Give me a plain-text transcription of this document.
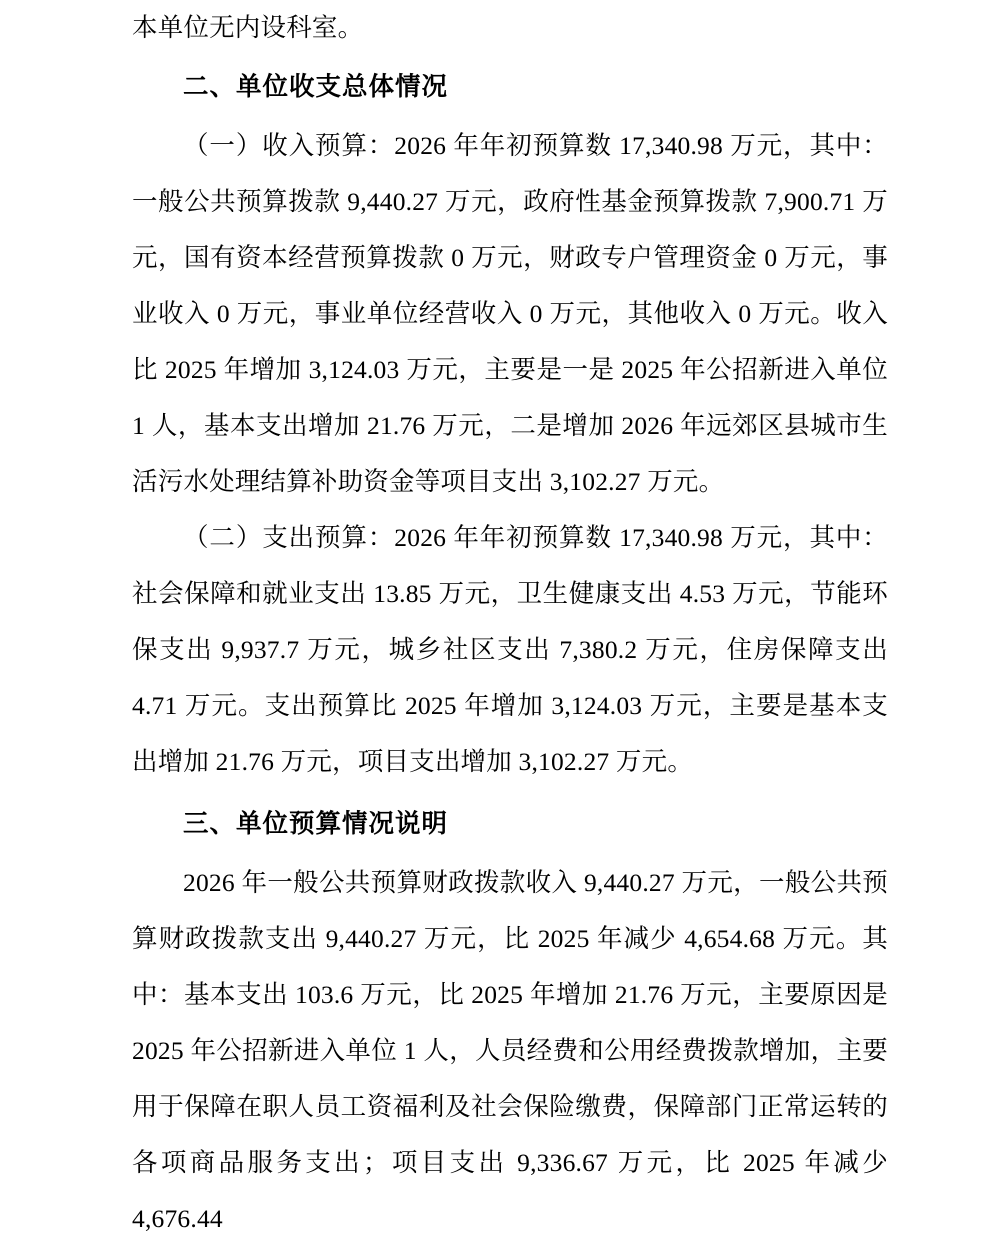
本单位无内设科室。

二、单位收支总体情况

（一）收入预算：2026 年年初预算数 17,340.98 万元，其中：一般公共预算拨款 9,440.27 万元，政府性基金预算拨款 7,900.71 万元，国有资本经营预算拨款 0 万元，财政专户管理资金 0 万元，事业收入 0 万元，事业单位经营收入 0 万元，其他收入 0 万元。收入比 2025 年增加 3,124.03 万元，主要是一是 2025 年公招新进入单位 1 人，基本支出增加 21.76 万元，二是增加 2026 年远郊区县城市生活污水处理结算补助资金等项目支出 3,102.27 万元。

（二）支出预算：2026 年年初预算数 17,340.98 万元，其中：社会保障和就业支出 13.85 万元，卫生健康支出 4.53 万元，节能环保支出 9,937.7 万元，城乡社区支出 7,380.2 万元，住房保障支出 4.71 万元。支出预算比 2025 年增加 3,124.03 万元，主要是基本支出增加 21.76 万元，项目支出增加 3,102.27 万元。

三、单位预算情况说明

2026 年一般公共预算财政拨款收入 9,440.27 万元，一般公共预算财政拨款支出 9,440.27 万元，比 2025 年减少 4,654.68 万元。其中：基本支出 103.6 万元，比 2025 年增加 21.76 万元，主要原因是 2025 年公招新进入单位 1 人，人员经费和公用经费拨款增加，主要用于保障在职人员工资福利及社会保险缴费，保障部门正常运转的各项商品服务支出；项目支出 9,336.67 万元，比 2025 年减少 4,676.44
